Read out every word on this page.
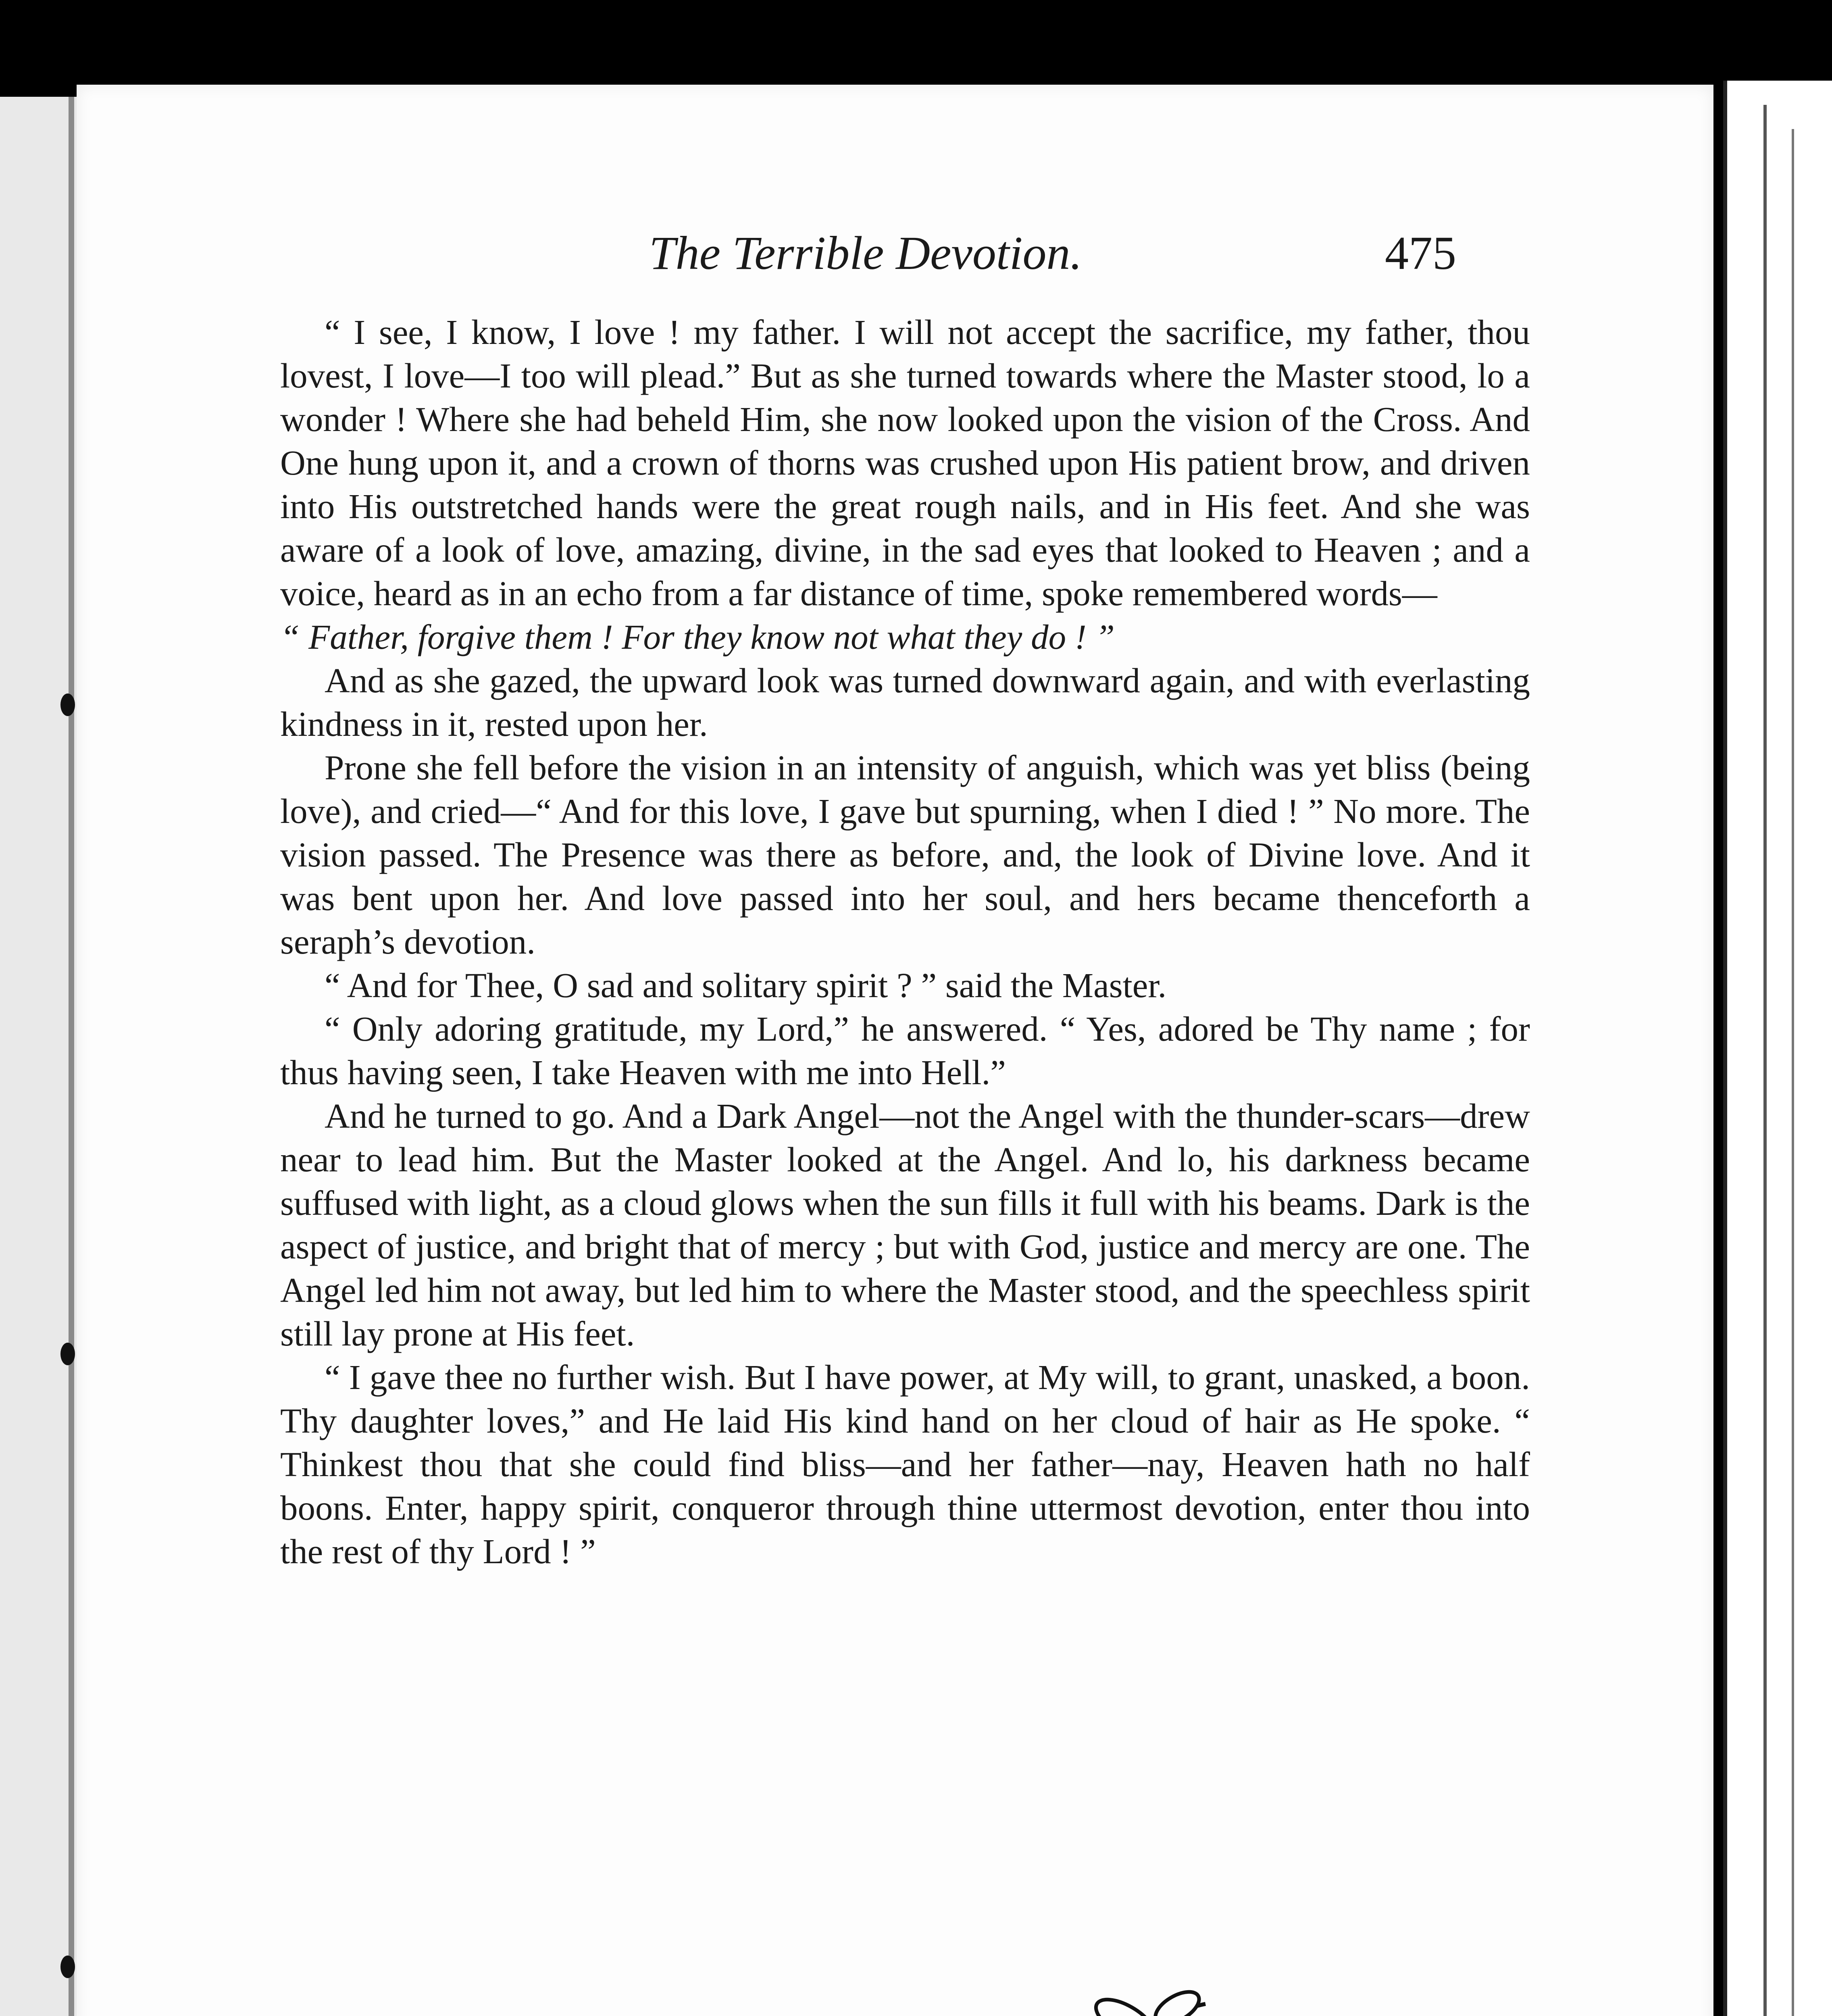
The Terrible Devotion.	475

“ I see, I know, I love ! my father. I will not accept the sacrifice, my father, thou lovest, I love—I too will plead.” But as she turned towards where the Master stood, lo a wonder ! Where she had beheld Him, she now looked upon the vision of the Cross. And One hung upon it, and a crown of thorns was crushed upon His patient brow, and driven into His outstretched hands were the great rough nails, and in His feet. And she was aware of a look of love, amazing, divine, in the sad eyes that looked to Heaven ; and a voice, heard as in an echo from a far distance of time, spoke remembered words—

“ Father, forgive them ! For they know not what they do ! ”

And as she gazed, the upward look was turned downward again, and with everlasting kindness in it, rested upon her.

Prone she fell before the vision in an intensity of anguish, which was yet bliss (being love), and cried—“ And for this love, I gave but spurning, when I died ! ” No more. The vision passed. The Presence was there as before, and, the look of Divine love. And it was bent upon her. And love passed into her soul, and hers became thenceforth a seraph’s devotion.

“ And for Thee, O sad and solitary spirit ? ” said the Master.

“ Only adoring gratitude, my Lord,” he answered. “ Yes, adored be Thy name ; for thus having seen, I take Heaven with me into Hell.”

And he turned to go. And a Dark Angel—not the Angel with the thunder-scars—drew near to lead him. But the Master looked at the Angel. And lo, his darkness became suffused with light, as a cloud glows when the sun fills it full with his beams. Dark is the aspect of justice, and bright that of mercy ; but with God, justice and mercy are one. The Angel led him not away, but led him to where the Master stood, and the speechless spirit still lay prone at His feet.

“ I gave thee no further wish. But I have power, at My will, to grant, unasked, a boon. Thy daughter loves,” and He laid His kind hand on her cloud of hair as He spoke. “ Thinkest thou that she could find bliss—and her father—nay, Heaven hath no half boons. Enter, happy spirit, conqueror through thine uttermost devotion, enter thou into the rest of thy Lord ! ”
